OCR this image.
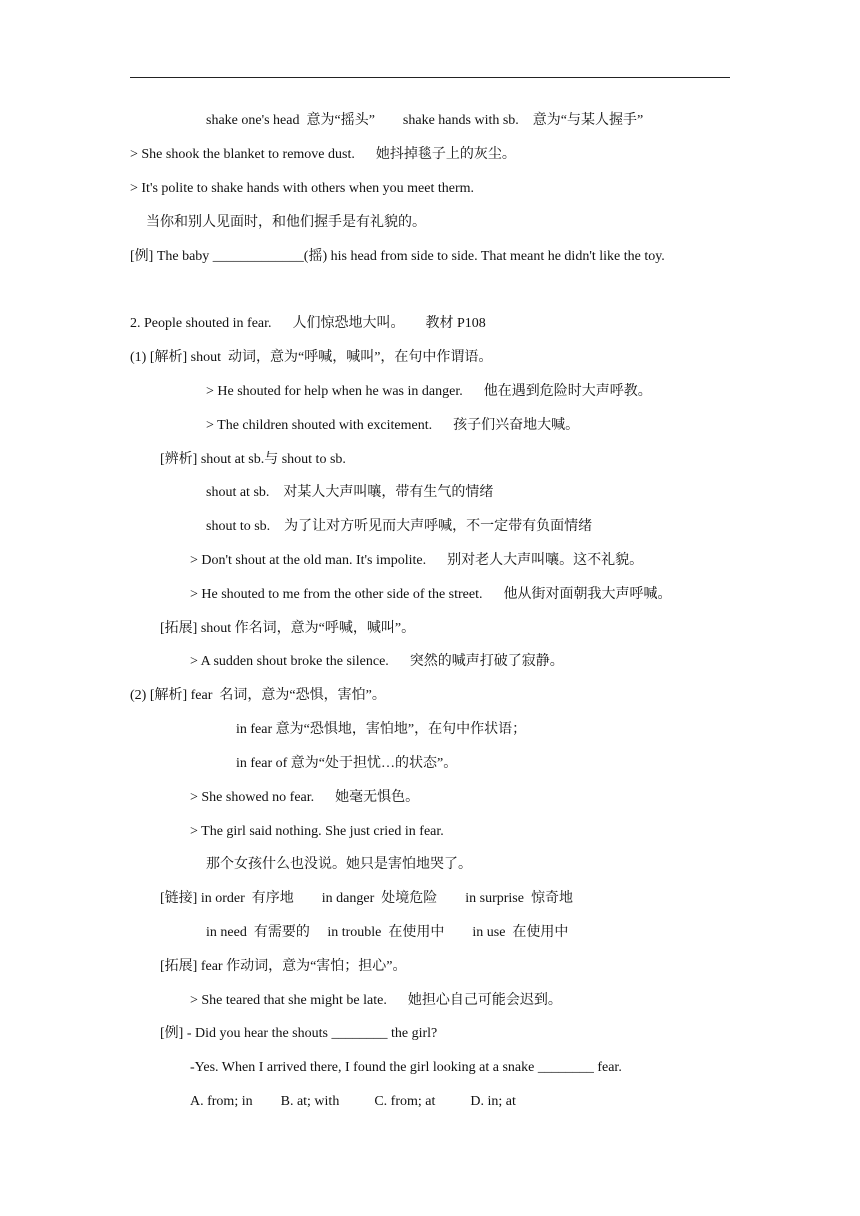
shake one's head  意为“摇头”        shake hands with sb.    意为“与某人握手”
> She shook the blanket to remove dust.      她抖掉毯子上的灰尘。
> It's polite to shake hands with others when you meet therm.
当你和别人见面时，和他们握手是有礼貌的。
[例] The baby _____________(摇) his head from side to side. That meant he didn't like the toy.
2. People shouted in fear.      人们惊恐地大叫。      教材 P108
(1) [解析] shout  动词，意为“呼喊，喊叫”，在句中作谓语。
> He shouted for help when he was in danger.      他在遇到危险时大声呼教。
> The children shouted with excitement.      孩子们兴奋地大喊。
[辨析] shout at sb.与 shout to sb.
shout at sb.    对某人大声叫嚷，带有生气的情绪
shout to sb.    为了让对方听见而大声呼喊，不一定带有负面情绪
> Don't shout at the old man. It's impolite.      别对老人大声叫嚷。这不礼貌。
> He shouted to me from the other side of the street.      他从街对面朝我大声呼喊。
[拓展] shout 作名词，意为“呼喊，喊叫”。
> A sudden shout broke the silence.      突然的喊声打破了寂静。
(2) [解析] fear  名词，意为“恐惧，害怕”。
in fear 意为“恐惧地，害怕地”，在句中作状语；
in fear of 意为“处于担忧…的状态”。
> She showed no fear.      她毫无惧色。
> The girl said nothing. She just cried in fear.
那个女孩什么也没说。她只是害怕地哭了。
[链接] in order  有序地        in danger  处境危险        in surprise  惊奇地
in need  有需要的     in trouble  在使用中        in use  在使用中
[拓展] fear 作动词，意为“害怕；担心”。
> She teared that she might be late.      她担心自己可能会迟到。
[例] - Did you hear the shouts ________ the girl?
-Yes. When I arrived there, I found the girl looking at a snake ________ fear.
A. from; in        B. at; with          C. from; at          D. in; at
